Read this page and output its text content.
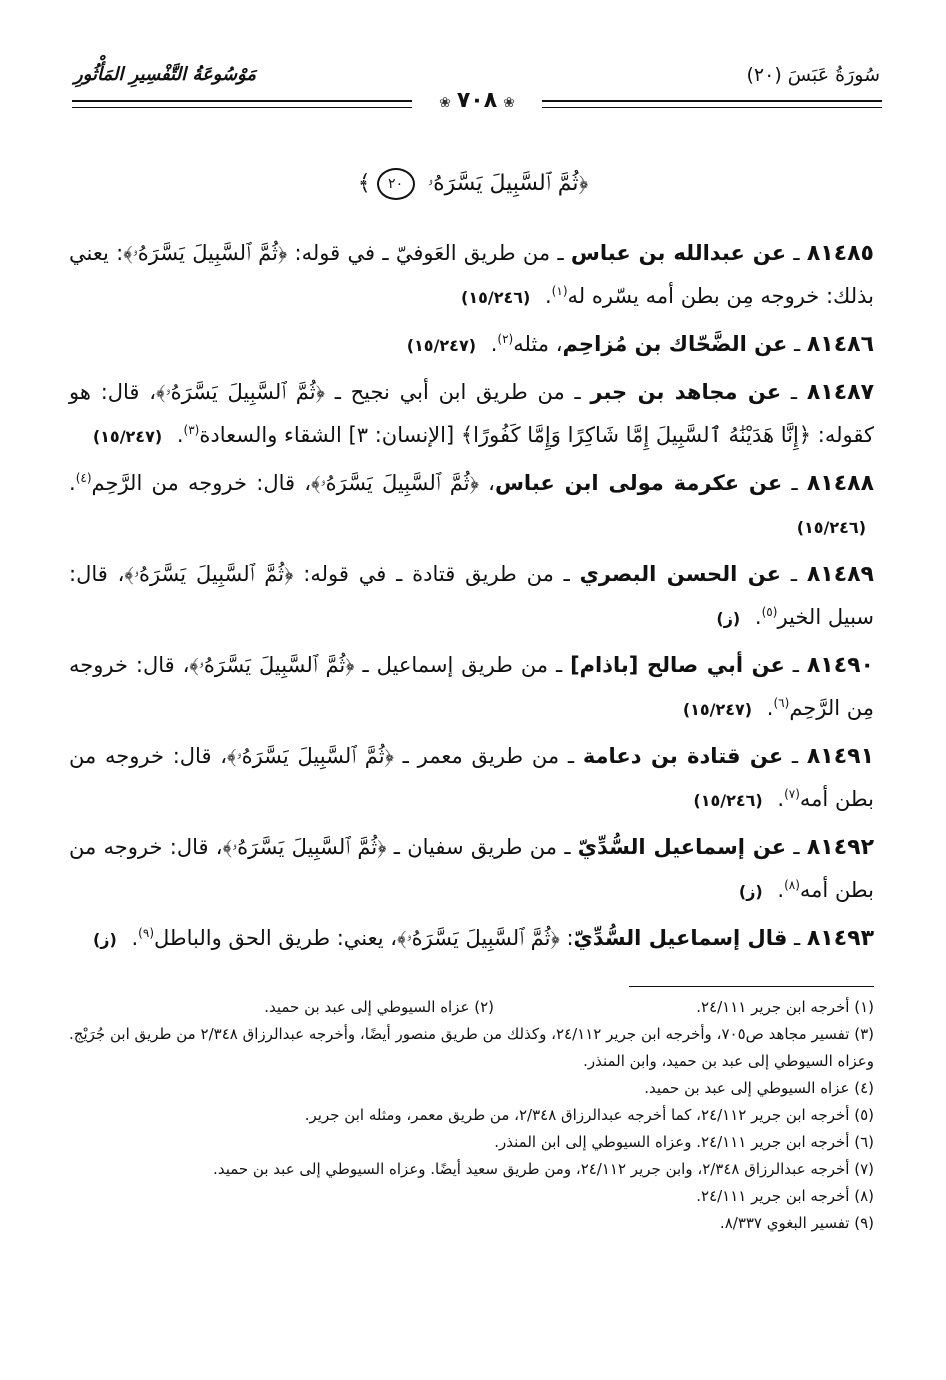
سُورَةُ عَبَسَ (٢٠)
مَوْسُوعَةُ التَّفْسِيرِ المَأْثُورِ
❀ ٧٠٨ ❀
﴿ثُمَّ ٱلسَّبِيلَ يَسَّرَهُۥ ٢٠﴾

٨١٤٨٥ ـ عن عبدالله بن عباس ـ من طريق العَوفيّ ـ في قوله: ﴿ثُمَّ ٱلسَّبِيلَ يَسَّرَهُۥ﴾: يعني بذلك: خروجه مِن بطن أمه يسّره له$^{(١)}$. (١٥/٢٤٦)

٨١٤٨٦ ـ عن الضَّحّاك بن مُزاحِم، مثله$^{(٢)}$. (١٥/٢٤٧)

٨١٤٨٧ ـ عن مجاهد بن جبر ـ من طريق ابن أبي نجيح ـ ﴿ثُمَّ ٱلسَّبِيلَ يَسَّرَهُۥ﴾، قال: هو كقوله: ﴿إِنَّا هَدَيْنَٰهُ ٱلسَّبِيلَ إِمَّا شَاكِرًا وَإِمَّا كَفُورًا﴾ [الإنسان: ٣] الشقاء والسعادة$^{(٣)}$. (١٥/٢٤٧)

٨١٤٨٨ ـ عن عكرمة مولى ابن عباس، ﴿ثُمَّ ٱلسَّبِيلَ يَسَّرَهُۥ﴾، قال: خروجه من الرَّحِم$^{(٤)}$. (١٥/٢٤٦)

٨١٤٨٩ ـ عن الحسن البصري ـ من طريق قتادة ـ في قوله: ﴿ثُمَّ ٱلسَّبِيلَ يَسَّرَهُۥ﴾، قال: سبيل الخير$^{(٥)}$. (ز)

٨١٤٩٠ ـ عن أبي صالح [باذام] ـ من طريق إسماعيل ـ ﴿ثُمَّ ٱلسَّبِيلَ يَسَّرَهُۥ﴾، قال: خروجه مِن الرَّحِم$^{(٦)}$. (١٥/٢٤٧)

٨١٤٩١ ـ عن قتادة بن دعامة ـ من طريق معمر ـ ﴿ثُمَّ ٱلسَّبِيلَ يَسَّرَهُۥ﴾، قال: خروجه من بطن أمه$^{(٧)}$. (١٥/٢٤٦)

٨١٤٩٢ ـ عن إسماعيل السُّدِّيّ ـ من طريق سفيان ـ ﴿ثُمَّ ٱلسَّبِيلَ يَسَّرَهُۥ﴾، قال: خروجه من بطن أمه$^{(٨)}$. (ز)

٨١٤٩٣ ـ قال إسماعيل السُّدِّيّ: ﴿ثُمَّ ٱلسَّبِيلَ يَسَّرَهُۥ﴾، يعني: طريق الحق والباطل$^{(٩)}$. (ز)

(١) أخرجه ابن جرير ٢٤/١١١.
(٢) عزاه السيوطي إلى عبد بن حميد.

(٣) تفسير مجاهد ص٧٠٥، وأخرجه ابن جرير ٢٤/١١٢، وكذلك من طريق منصور أيضًا، وأخرجه عبدالرزاق ٢/٣٤٨ من طريق ابن جُرَيْج. وعزاه السيوطي إلى عبد بن حميد، وابن المنذر.

(٤) عزاه السيوطي إلى عبد بن حميد.

(٥) أخرجه ابن جرير ٢٤/١١٢، كما أخرجه عبدالرزاق ٢/٣٤٨، من طريق معمر، ومثله ابن جرير.

(٦) أخرجه ابن جرير ٢٤/١١١. وعزاه السيوطي إلى ابن المنذر.

(٧) أخرجه عبدالرزاق ٢/٣٤٨، وابن جرير ٢٤/١١٢، ومن طريق سعيد أيضًا. وعزاه السيوطي إلى عبد بن حميد.

(٨) أخرجه ابن جرير ٢٤/١١١.

(٩) تفسير البغوي ٨/٣٣٧.
